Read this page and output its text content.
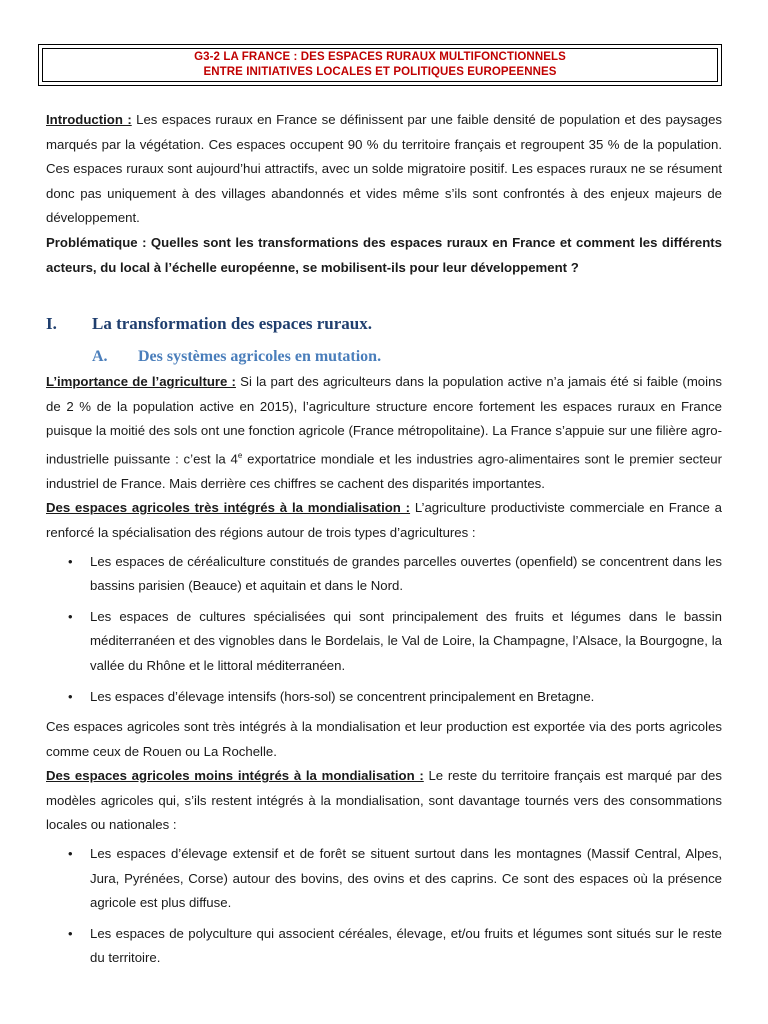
G3-2 LA FRANCE : DES ESPACES RURAUX MULTIFONCTIONNELS
ENTRE INITIATIVES LOCALES ET POLITIQUES EUROPEENNES

Introduction : Les espaces ruraux en France se définissent par une faible densité de population et des paysages marqués par la végétation. Ces espaces occupent 90 % du territoire français et regroupent 35 % de la population. Ces espaces ruraux sont aujourd’hui attractifs, avec un solde migratoire positif. Les espaces ruraux ne se résument donc pas uniquement à des villages abandonnés et vides même s’ils sont confrontés à des enjeux majeurs de développement.

Problématique : Quelles sont les transformations des espaces ruraux en France et comment les différents acteurs, du local à l’échelle européenne, se mobilisent-ils pour leur développement ?

I. La transformation des espaces ruraux.
A. Des systèmes agricoles en mutation.

L’importance de l’agriculture : Si la part des agriculteurs dans la population active n’a jamais été si faible (moins de 2 % de la population active en 2015), l’agriculture structure encore fortement les espaces ruraux en France puisque la moitié des sols ont une fonction agricole (France métropolitaine). La France s’appuie sur une filière agro-industrielle puissante : c’est la 4e exportatrice mondiale et les industries agro-alimentaires sont le premier secteur industriel de France. Mais derrière ces chiffres se cachent des disparités importantes.

Des espaces agricoles très intégrés à la mondialisation : L’agriculture productiviste commerciale en France a renforcé la spécialisation des régions autour de trois types d’agricultures :

• Les espaces de céréaliculture constitués de grandes parcelles ouvertes (openfield) se concentrent dans les bassins parisien (Beauce) et aquitain et dans le Nord.
• Les espaces de cultures spécialisées qui sont principalement des fruits et légumes dans le bassin méditerranéen et des vignobles dans le Bordelais, le Val de Loire, la Champagne, l’Alsace, la Bourgogne, la vallée du Rhône et le littoral méditerranéen.
• Les espaces d’élevage intensifs (hors-sol) se concentrent principalement en Bretagne.

Ces espaces agricoles sont très intégrés à la mondialisation et leur production est exportée via des ports agricoles comme ceux de Rouen ou La Rochelle.

Des espaces agricoles moins intégrés à la mondialisation : Le reste du territoire français est marqué par des modèles agricoles qui, s’ils restent intégrés à la mondialisation, sont davantage tournés vers des consommations locales ou nationales :

• Les espaces d’élevage extensif et de forêt se situent surtout dans les montagnes (Massif Central, Alpes, Jura, Pyrénées, Corse) autour des bovins, des ovins et des caprins. Ce sont des espaces où la présence agricole est plus diffuse.
• Les espaces de polyculture qui associent céréales, élevage, et/ou fruits et légumes sont situés sur le reste du territoire.
